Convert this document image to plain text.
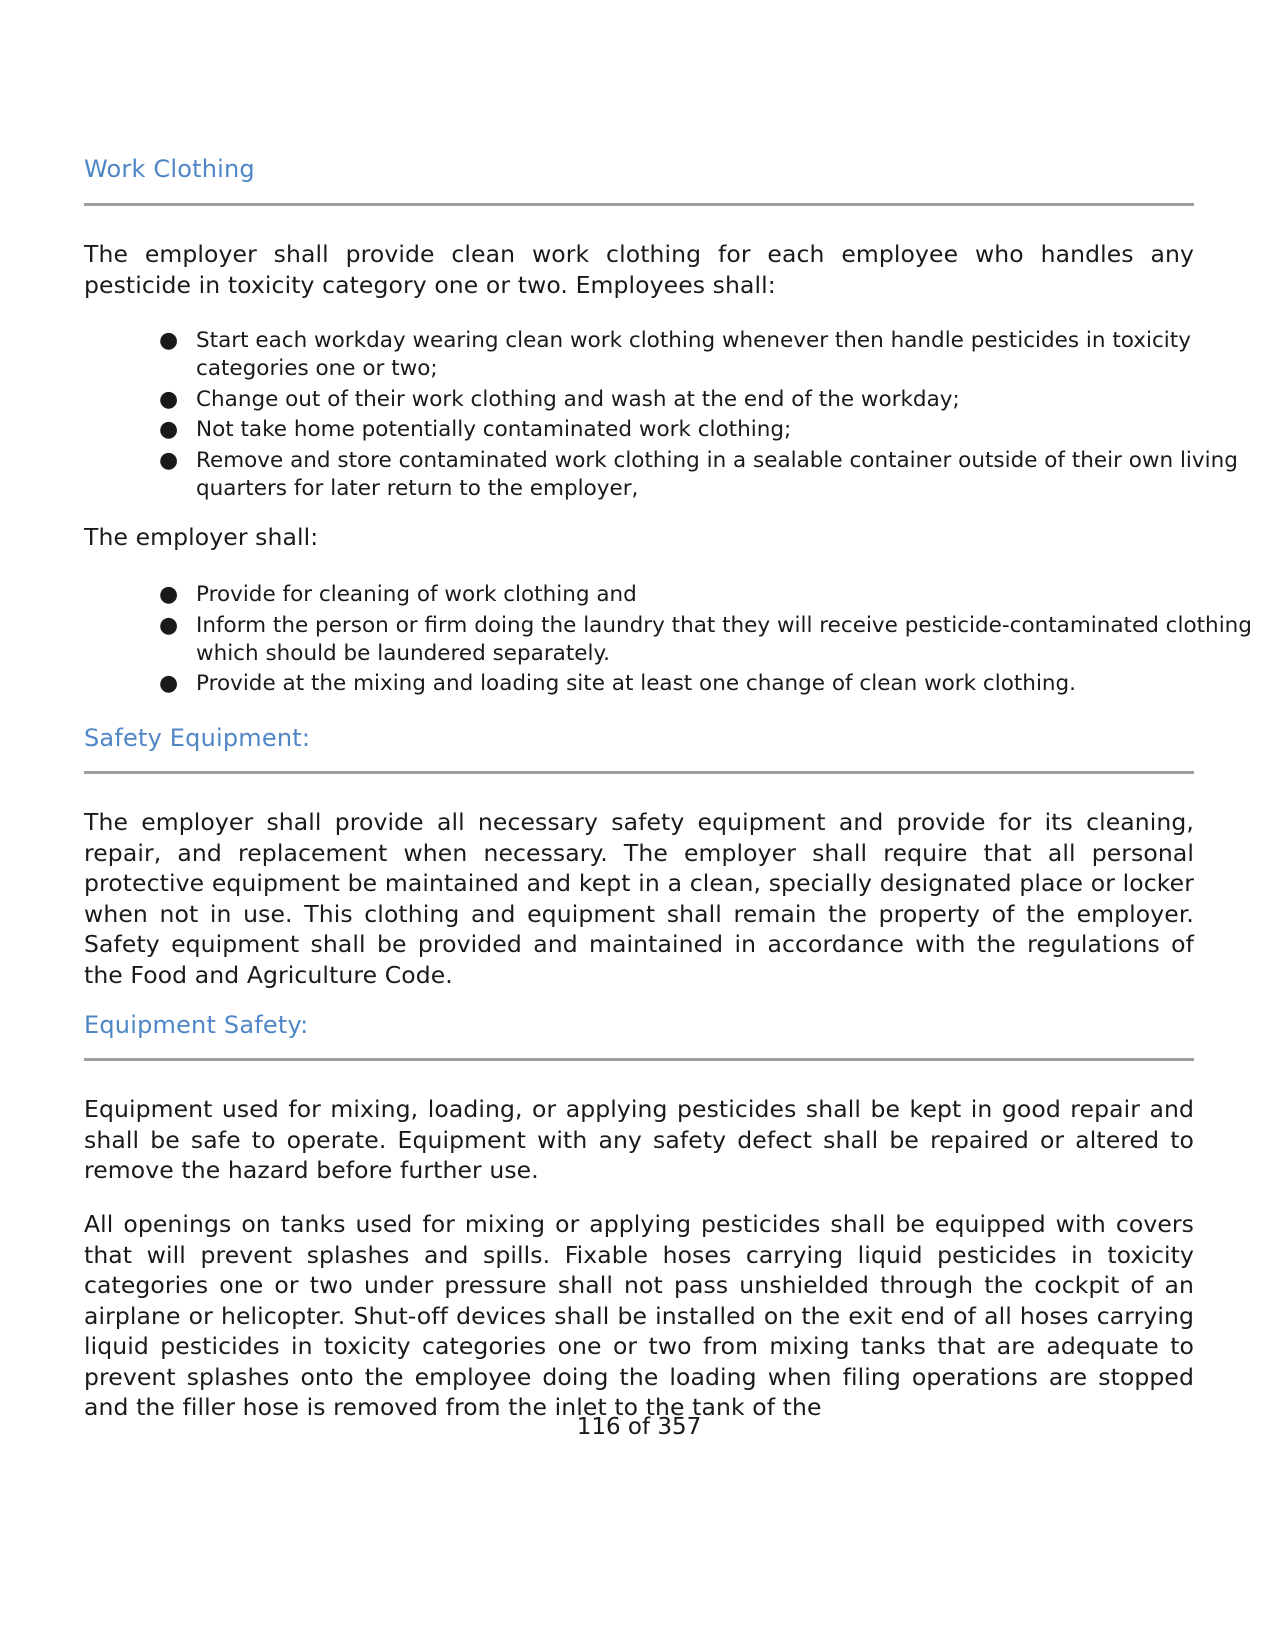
Work Clothing

The employer shall provide clean work clothing for each employee who handles any pesticide in toxicity category one or two. Employees shall:

● Start each workday wearing clean work clothing whenever then handle pesticides in toxicity categories one or two;
● Change out of their work clothing and wash at the end of the workday;
● Not take home potentially contaminated work clothing;
● Remove and store contaminated work clothing in a sealable container outside of their own living quarters for later return to the employer,

The employer shall:

● Provide for cleaning of work clothing and
● Inform the person or firm doing the laundry that they will receive pesticide-contaminated clothing which should be laundered separately.
● Provide at the mixing and loading site at least one change of clean work clothing.
Safety Equipment:

The employer shall provide all necessary safety equipment and provide for its cleaning, repair, and replacement when necessary. The employer shall require that all personal protective equipment be maintained and kept in a clean, specially designated place or locker when not in use. This clothing and equipment shall remain the property of the employer. Safety equipment shall be provided and maintained in accordance with the regulations of the Food and Agriculture Code.

Equipment Safety:

Equipment used for mixing, loading, or applying pesticides shall be kept in good repair and shall be safe to operate. Equipment with any safety defect shall be repaired or altered to remove the hazard before further use.

All openings on tanks used for mixing or applying pesticides shall be equipped with covers that will prevent splashes and spills. Fixable hoses carrying liquid pesticides in toxicity categories one or two under pressure shall not pass unshielded through the cockpit of an airplane or helicopter. Shut-off devices shall be installed on the exit end of all hoses carrying liquid pesticides in toxicity categories one or two from mixing tanks that are adequate to prevent splashes onto the employee doing the loading when filing operations are stopped and the filler hose is removed from the inlet to the tank of the

116 of 357
